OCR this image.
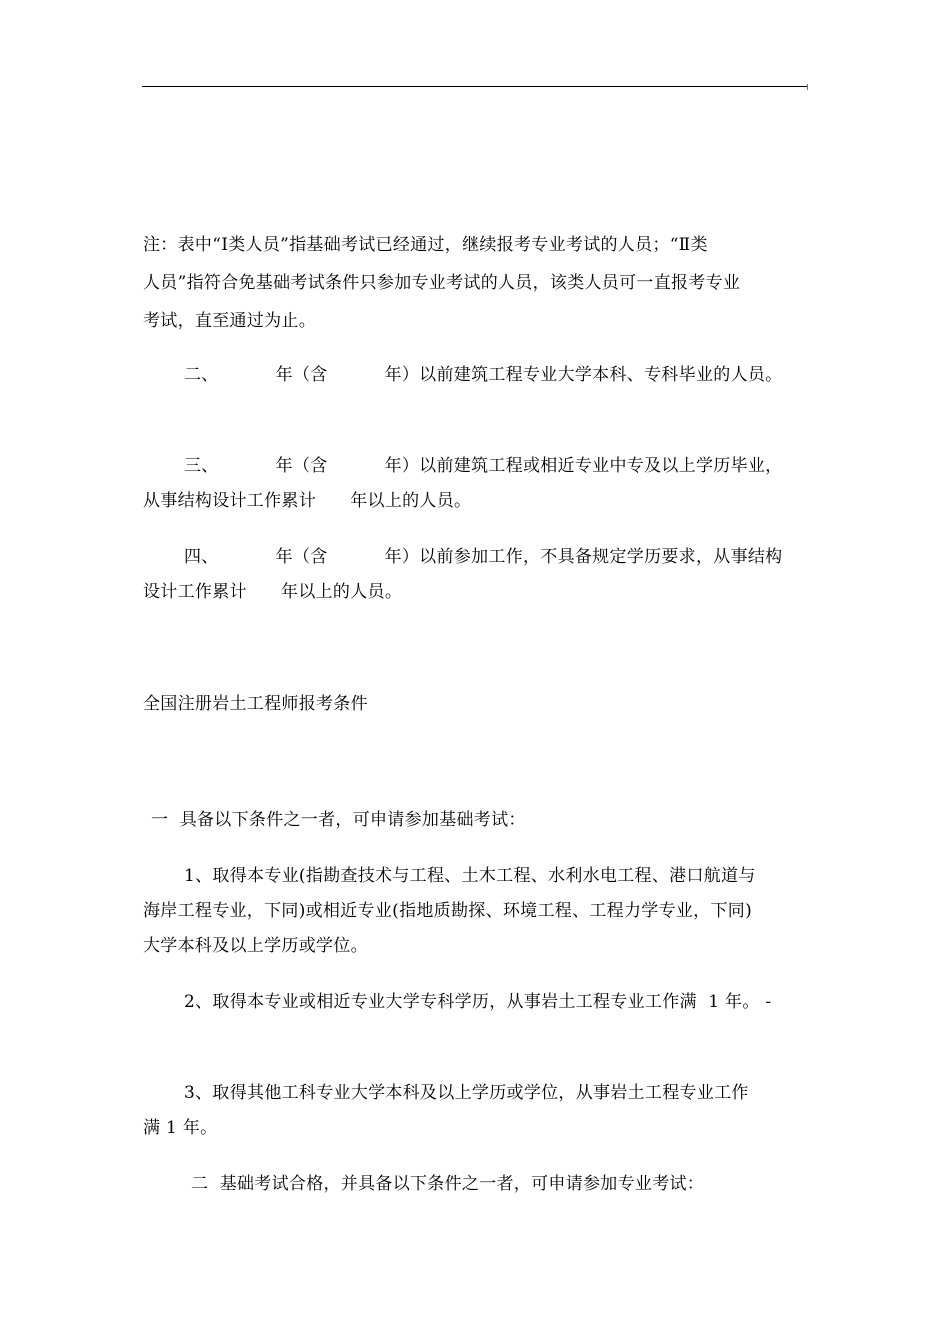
注：表中“Ⅰ类人员”指基础考试已经通过，继续报考专业考试的人员；“Ⅱ类
人员”指符合免基础考试条件只参加专业考试的人员，该类人员可一直报考专业
考试，直至通过为止。
二、          年（含          年）以前建筑工程专业大学本科、专科毕业的人员。
三、          年（含          年）以前建筑工程或相近专业中专及以上学历毕业，
从事结构设计工作累计      年以上的人员。
四、          年（含          年）以前参加工作，不具备规定学历要求，从事结构
设计工作累计      年以上的人员。
全国注册岩土工程师报考条件
一  具备以下条件之一者，可申请参加基础考试：
1、取得本专业(指勘查技术与工程、土木工程、水利水电工程、港口航道与
海岸工程专业，下同)或相近专业(指地质勘探、环境工程、工程力学专业，下同)
大学本科及以上学历或学位。
2、取得本专业或相近专业大学专科学历，从事岩土工程专业工作满  1 年。 -
3、取得其他工科专业大学本科及以上学历或学位，从事岩土工程专业工作
满 1 年。
二  基础考试合格，并具备以下条件之一者，可申请参加专业考试：
